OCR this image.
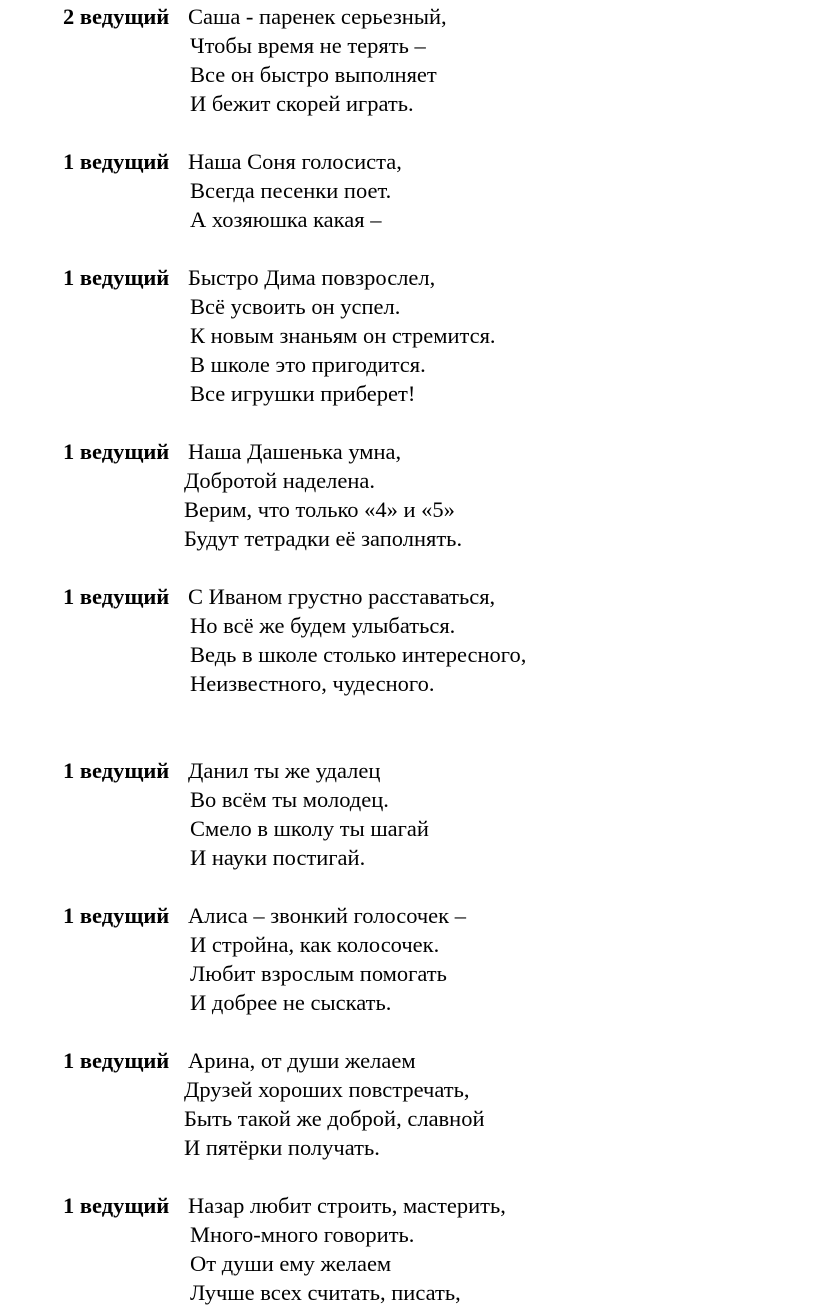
2 ведущий Саша - паренек серьезный,
Чтобы время не терять –
Все он быстро выполняет
И бежит скорей играть.
1 ведущий Наша Соня голосиста,
Всегда песенки поет.
А хозяюшка какая –
1 ведущий Быстро Дима повзрослел,
Всё усвоить он успел.
К новым знаньям он стремится.
В школе это пригодится.
Все игрушки приберет!
1 ведущий Наша Дашенька умна,
Добротой наделена.
Верим, что только «4» и «5»
Будут тетрадки её заполнять.
1 ведущий С Иваном грустно расставаться,
Но всё же будем улыбаться.
Ведь в школе столько интересного,
Неизвестного, чудесного.
1 ведущий Данил ты же удалец
Во всём ты молодец.
Смело в школу ты шагай
И науки постигай.
1 ведущий Алиса – звонкий голосочек –
И стройна, как колосочек.
Любит взрослым помогать
И добрее не сыскать.
1 ведущий Арина, от души желаем
Друзей хороших повстречать,
Быть такой же доброй, славной
И пятёрки получать.
1 ведущий Назар любит строить, мастерить,
Много-много говорить.
От души ему желаем
Лучше всех считать, писать,
